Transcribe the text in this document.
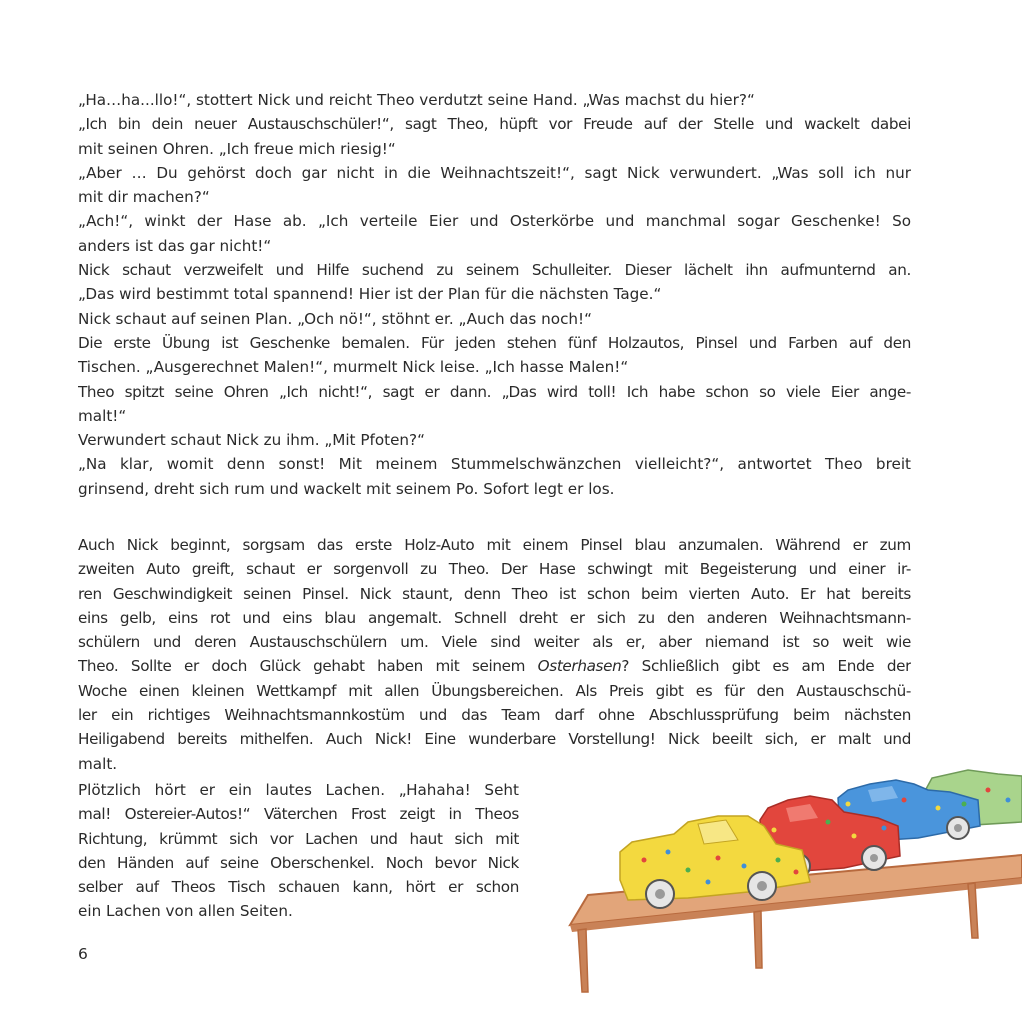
„Ha…ha...llo!“, stottert Nick und reicht Theo verdutzt seine Hand. „Was machst du hier?“
„Ich bin dein neuer Austauschschüler!“, sagt Theo, hüpft vor Freude auf der Stelle und wackelt dabei
mit seinen Ohren. „Ich freue mich riesig!“
„Aber … Du gehörst doch gar nicht in die Weihnachtszeit!“, sagt Nick verwundert. „Was soll ich nur
mit dir machen?“
„Ach!“, winkt der Hase ab. „Ich verteile Eier und Osterkörbe und manchmal sogar Geschenke! So
anders ist das gar nicht!“
Nick schaut verzweifelt und Hilfe suchend zu seinem Schulleiter. Dieser lächelt ihn aufmunternd an.
„Das wird bestimmt total spannend! Hier ist der Plan für die nächsten Tage.“
Nick schaut auf seinen Plan. „Och nö!“, stöhnt er. „Auch das noch!“
Die erste Übung ist Geschenke bemalen. Für jeden stehen fünf Holzautos, Pinsel und Farben auf den
Tischen. „Ausgerechnet Malen!“, murmelt Nick leise. „Ich hasse Malen!“
Theo spitzt seine Ohren „Ich nicht!“, sagt er dann. „Das wird toll! Ich habe schon so viele Eier ange-
malt!“
Verwundert schaut Nick zu ihm. „Mit Pfoten?“
„Na klar, womit denn sonst! Mit meinem Stummelschwänzchen vielleicht?“, antwortet Theo breit
grinsend, dreht sich rum und wackelt mit seinem Po. Sofort legt er los.
Auch Nick beginnt, sorgsam das erste Holz-Auto mit einem Pinsel blau anzumalen. Während er zum
zweiten Auto greift, schaut er sorgenvoll zu Theo. Der Hase schwingt mit Begeisterung und einer ir-
ren Geschwindigkeit seinen Pinsel. Nick staunt, denn Theo ist schon beim vierten Auto. Er hat bereits
eins gelb, eins rot und eins blau angemalt. Schnell dreht er sich zu den anderen Weihnachtsmann-
schülern und deren Austauschschülern um. Viele sind weiter als er, aber niemand ist so weit wie
Theo. Sollte er doch Glück gehabt haben mit seinem Osterhasen? Schließlich gibt es am Ende der
Woche einen kleinen Wettkampf mit allen Übungsbereichen. Als Preis gibt es für den Austauschschü-
ler ein richtiges Weihnachtsmannkostüm und das Team darf ohne Abschlussprüfung beim nächsten
Heiligabend bereits mithelfen. Auch Nick! Eine wunderbare Vorstellung! Nick beeilt sich, er malt und
malt.
Plötzlich hört er ein lautes Lachen. „Hahaha! Seht
mal! Ostereier-Autos!“ Väterchen Frost zeigt in Theos
Richtung, krümmt sich vor Lachen und haut sich mit
den Händen auf seine Oberschenkel. Noch bevor Nick
selber auf Theos Tisch schauen kann, hört er schon
ein Lachen von allen Seiten.
6
